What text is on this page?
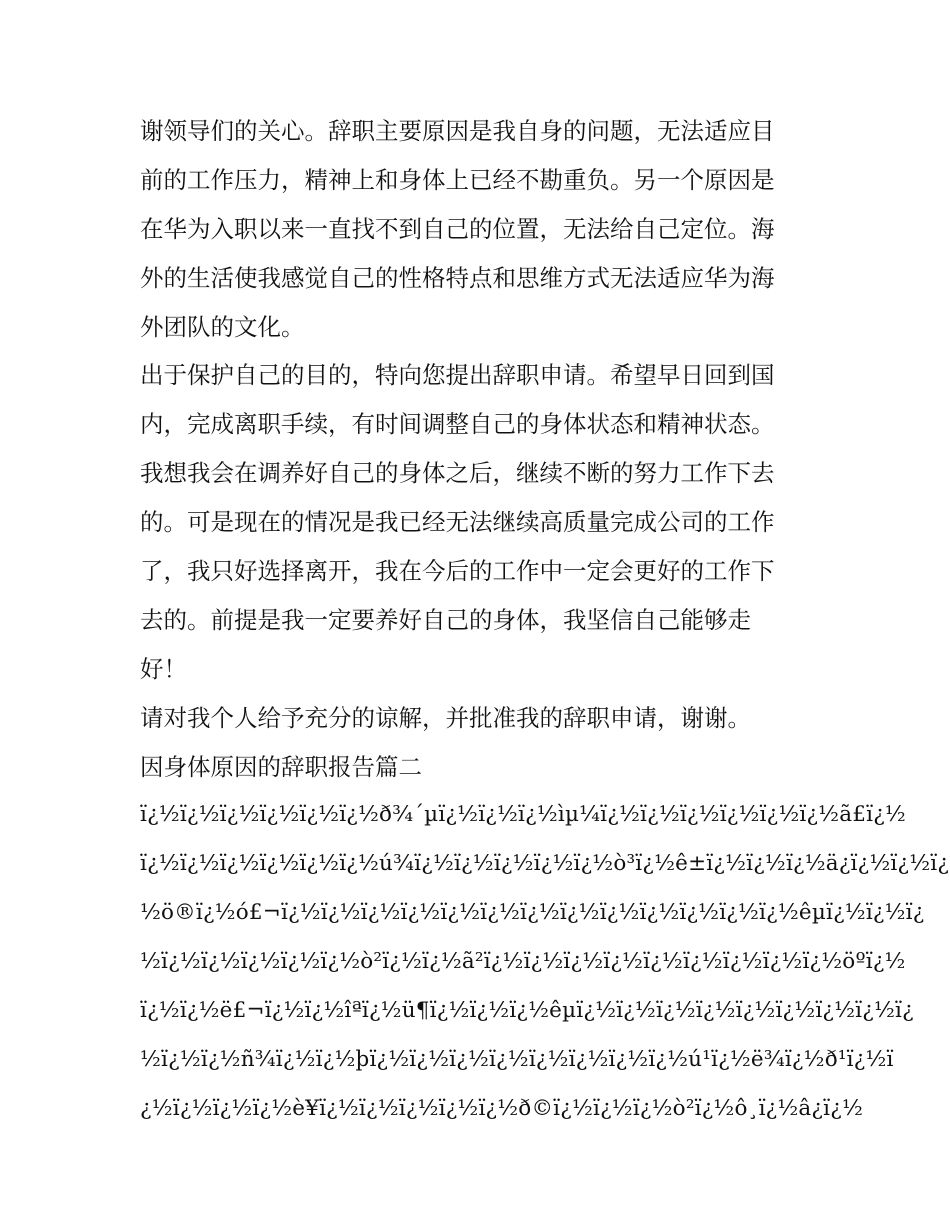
谢领导们的关心。辞职主要原因是我自身的问题，无法适应目
前的工作压力，精神上和身体上已经不勘重负。另一个原因是
在华为入职以来一直找不到自己的位置，无法给自己定位。海
外的生活使我感觉自己的性格特点和思维方式无法适应华为海
外团队的文化。
出于保护自己的目的，特向您提出辞职申请。希望早日回到国
内，完成离职手续，有时间调整自己的身体状态和精神状态。
我想我会在调养好自己的身体之后，继续不断的努力工作下去
的。可是现在的情况是我已经无法继续高质量完成公司的工作
了，我只好选择离开，我在今后的工作中一定会更好的工作下
去的。前提是我一定要养好自己的身体，我坚信自己能够走
好！
请对我个人给予充分的谅解，并批准我的辞职申请，谢谢。
因身体原因的辞职报告篇二
ï¿½ï¿½ï¿½ï¿½ï¿½ï¿½ð¾´µï¿½ï¿½ï¿½ìµ¼ï¿½ï¿½ï¿½ï¿½ï¿½ï¿½ã£ï¿½
ï¿½ï¿½ï¿½ï¿½ï¿½ï¿½ú¾ï¿½ï¿½ï¿½ï¿½ï¿½ò³ï¿½ê±ï¿½ï¿½ï¿½ä¿ï¿½ï¿½ï¿
½ö®ï¿½ó£¬ï¿½ï¿½ï¿½ï¿½ï¿½ï¿½ï¿½ï¿½ï¿½ï¿½ï¿½ï¿½ï¿½êµï¿½ï¿½ï¿
½ï¿½ï¿½ï¿½ï¿½ï¿½ò²ï¿½ï¿½ã²ï¿½ï¿½ï¿½ï¿½ï¿½ï¿½ï¿½ï¿½ï¿½öºï¿½
ï¿½ï¿½ë£¬ï¿½ï¿½îªï¿½ü¶ï¿½ï¿½ï¿½êµï¿½ï¿½ï¿½ï¿½ï¿½ï¿½ï¿½ï¿½ï¿
½ï¿½ï¿½ñ¾ï¿½ï¿½þï¿½ï¿½ï¿½ï¿½ï¿½ï¿½ï¿½ï¿½ú¹ï¿½ë¾ï¿½ð¹ï¿½ï
¿½ï¿½ï¿½ï¿½è¥ï¿½ï¿½ï¿½ï¿½ï¿½ð©ï¿½ï¿½ï¿½ò²ï¿½ô¸ï¿½â¿ï¿½
